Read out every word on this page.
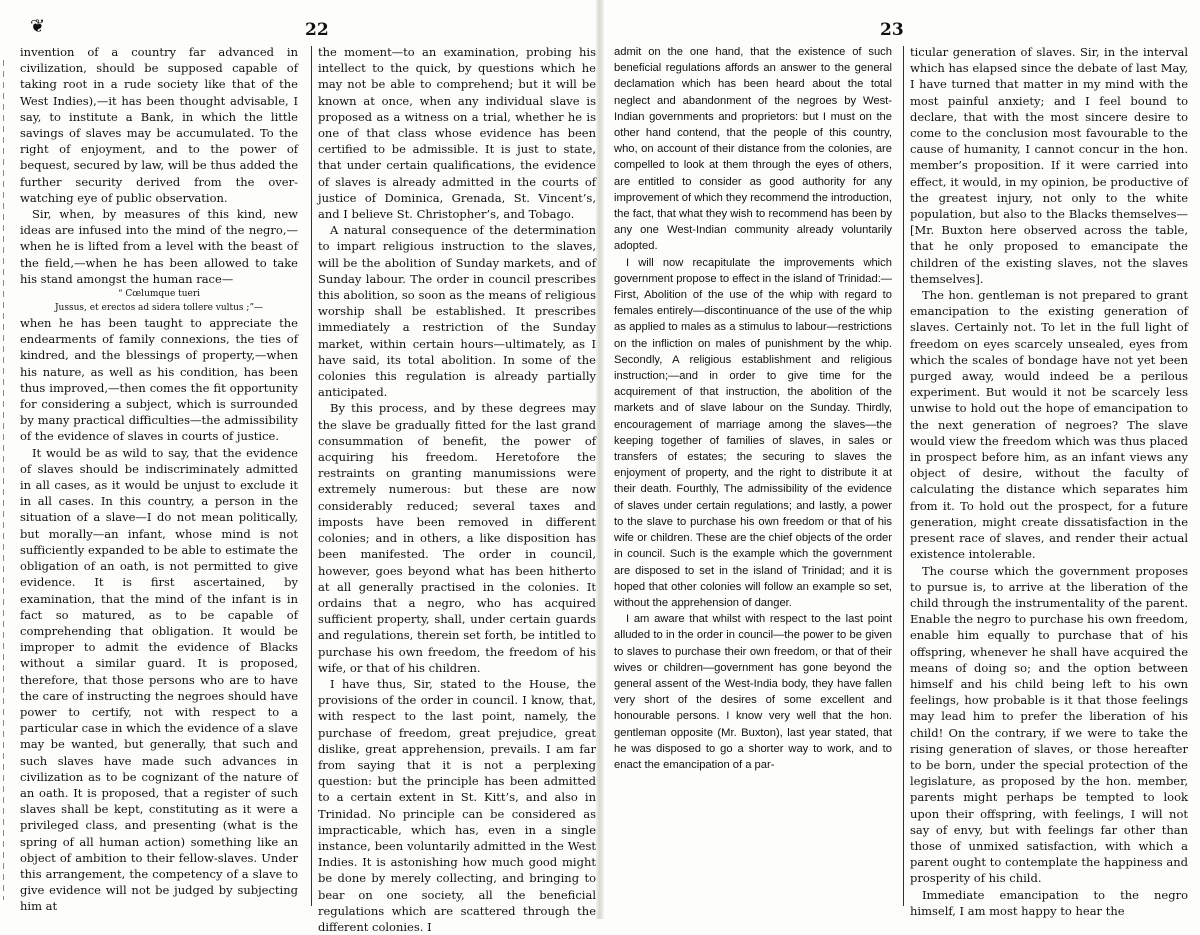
❦	22	23

invention of a country far advanced in civilization, should be supposed capable of taking root in a rude society like that of the West Indies),—it has been thought advisable, I say, to institute a Bank, in which the little savings of slaves may be accumulated. To the right of enjoyment, and to the power of bequest, secured by law, will be thus added the further security derived from the over-watching eye of public observation.

Sir, when, by measures of this kind, new ideas are infused into the mind of the negro,—when he is lifted from a level with the beast of the field,—when he has been allowed to take his stand amongst the human race—

“ Cœlumque tueri

Jussus, et erectos ad sidera tollere vultus ;”—

when he has been taught to appreciate the endearments of family connexions, the ties of kindred, and the blessings of property,—when his nature, as well as his condition, has been thus improved,—then comes the fit opportunity for considering a subject, which is surrounded by many practical difficulties—the admissibility of the evidence of slaves in courts of justice.

It would be as wild to say, that the evidence of slaves should be indiscriminately admitted in all cases, as it would be unjust to exclude it in all cases. In this country, a person in the situation of a slave—I do not mean politically, but morally—an infant, whose mind is not sufficiently expanded to be able to estimate the obligation of an oath, is not permitted to give evidence. It is first ascertained, by examination, that the mind of the infant is in fact so matured, as to be capable of comprehending that obligation. It would be improper to admit the evidence of Blacks without a similar guard. It is proposed, therefore, that those persons who are to have the care of instructing the negroes should have power to certify, not with respect to a particular case in which the evidence of a slave may be wanted, but generally, that such and such slaves have made such advances in civilization as to be cognizant of the nature of an oath. It is proposed, that a register of such slaves shall be kept, constituting as it were a privileged class, and presenting (what is the spring of all human action) something like an object of ambition to their fellow-slaves. Under this arrangement, the competency of a slave to give evidence will not be judged by subjecting him at

the moment—to an examination, probing his intellect to the quick, by questions which he may not be able to comprehend; but it will be known at once, when any individual slave is proposed as a witness on a trial, whether he is one of that class whose evidence has been certified to be admissible. It is just to state, that under certain qualifications, the evidence of slaves is already admitted in the courts of justice of Dominica, Grenada, St. Vincent’s, and I believe St. Christopher’s, and Tobago.

A natural consequence of the determination to impart religious instruction to the slaves, will be the abolition of Sunday markets, and of Sunday labour. The order in council prescribes this abolition, so soon as the means of religious worship shall be established. It prescribes immediately a restriction of the Sunday market, within certain hours—ultimately, as I have said, its total abolition. In some of the colonies this regulation is already partially anticipated.

By this process, and by these degrees may the slave be gradually fitted for the last grand consummation of benefit, the power of acquiring his freedom. Heretofore the restraints on granting manumissions were extremely numerous: but these are now considerably reduced; several taxes and imposts have been removed in different colonies; and in others, a like disposition has been manifested. The order in council, however, goes beyond what has been hitherto at all generally practised in the colonies. It ordains that a negro, who has acquired sufficient property, shall, under certain guards and regulations, therein set forth, be intitled to purchase his own freedom, the freedom of his wife, or that of his children.

I have thus, Sir, stated to the House, the provisions of the order in council. I know, that, with respect to the last point, namely, the purchase of freedom, great prejudice, great dislike, great apprehension, prevails. I am far from saying that it is not a perplexing question: but the principle has been admitted to a certain extent in St. Kitt’s, and also in Trinidad. No principle can be considered as impracticable, which has, even in a single instance, been voluntarily admitted in the West Indies. It is astonishing how much good might be done by merely collecting, and bringing to bear on one society, all the beneficial regulations which are scattered through the different colonies. I

admit on the one hand, that the existence of such beneficial regulations affords an answer to the general declamation which has been heard about the total neglect and abandonment of the negroes by West-Indian governments and proprietors: but I must on the other hand contend, that the people of this country, who, on account of their distance from the colonies, are compelled to look at them through the eyes of others, are entitled to consider as good authority for any improvement of which they recommend the introduction, the fact, that what they wish to recommend has been by any one West-Indian community already voluntarily adopted.

I will now recapitulate the improvements which government propose to effect in the island of Trinidad:—First, Abolition of the use of the whip with regard to females entirely—discontinuance of the use of the whip as applied to males as a stimulus to labour—restrictions on the infliction on males of punishment by the whip. Secondly, A religious establishment and religious instruction;—and in order to give time for the acquirement of that instruction, the abolition of the markets and of slave labour on the Sunday. Thirdly, encouragement of marriage among the slaves—the keeping together of families of slaves, in sales or transfers of estates; the securing to slaves the enjoyment of property, and the right to distribute it at their death. Fourthly, The admissibility of the evidence of slaves under certain regulations; and lastly, a power to the slave to purchase his own freedom or that of his wife or children. These are the chief objects of the order in council. Such is the example which the government are disposed to set in the island of Trinidad; and it is hoped that other colonies will follow an example so set, without the apprehension of danger.

I am aware that whilst with respect to the last point alluded to in the order in council—the power to be given to slaves to purchase their own freedom, or that of their wives or children—government has gone beyond the general assent of the West-India body, they have fallen very short of the desires of some excellent and honourable persons. I know very well that the hon. gentleman opposite (Mr. Buxton), last year stated, that he was disposed to go a shorter way to work, and to enact the emancipation of a par-

ticular generation of slaves. Sir, in the interval which has elapsed since the debate of last May, I have turned that matter in my mind with the most painful anxiety; and I feel bound to declare, that with the most sincere desire to come to the conclusion most favourable to the cause of humanity, I cannot concur in the hon. member’s proposition. If it were carried into effect, it would, in my opinion, be productive of the greatest injury, not only to the white population, but also to the Blacks themselves—[Mr. Buxton here observed across the table, that he only proposed to emancipate the children of the existing slaves, not the slaves themselves].

The hon. gentleman is not prepared to grant emancipation to the existing generation of slaves. Certainly not. To let in the full light of freedom on eyes scarcely unsealed, eyes from which the scales of bondage have not yet been purged away, would indeed be a perilous experiment. But would it not be scarcely less unwise to hold out the hope of emancipation to the next generation of negroes? The slave would view the freedom which was thus placed in prospect before him, as an infant views any object of desire, without the faculty of calculating the distance which separates him from it. To hold out the prospect, for a future generation, might create dissatisfaction in the present race of slaves, and render their actual existence intolerable.

The course which the government proposes to pursue is, to arrive at the liberation of the child through the instrumentality of the parent. Enable the negro to purchase his own freedom, enable him equally to purchase that of his offspring, whenever he shall have acquired the means of doing so; and the option between himself and his child being left to his own feelings, how probable is it that those feelings may lead him to prefer the liberation of his child! On the contrary, if we were to take the rising generation of slaves, or those hereafter to be born, under the special protection of the legislature, as proposed by the hon. member, parents might perhaps be tempted to look upon their offspring, with feelings, I will not say of envy, but with feelings far other than those of unmixed satisfaction, with which a parent ought to contemplate the happiness and prosperity of his child.

Immediate emancipation to the negro himself, I am most happy to hear the
